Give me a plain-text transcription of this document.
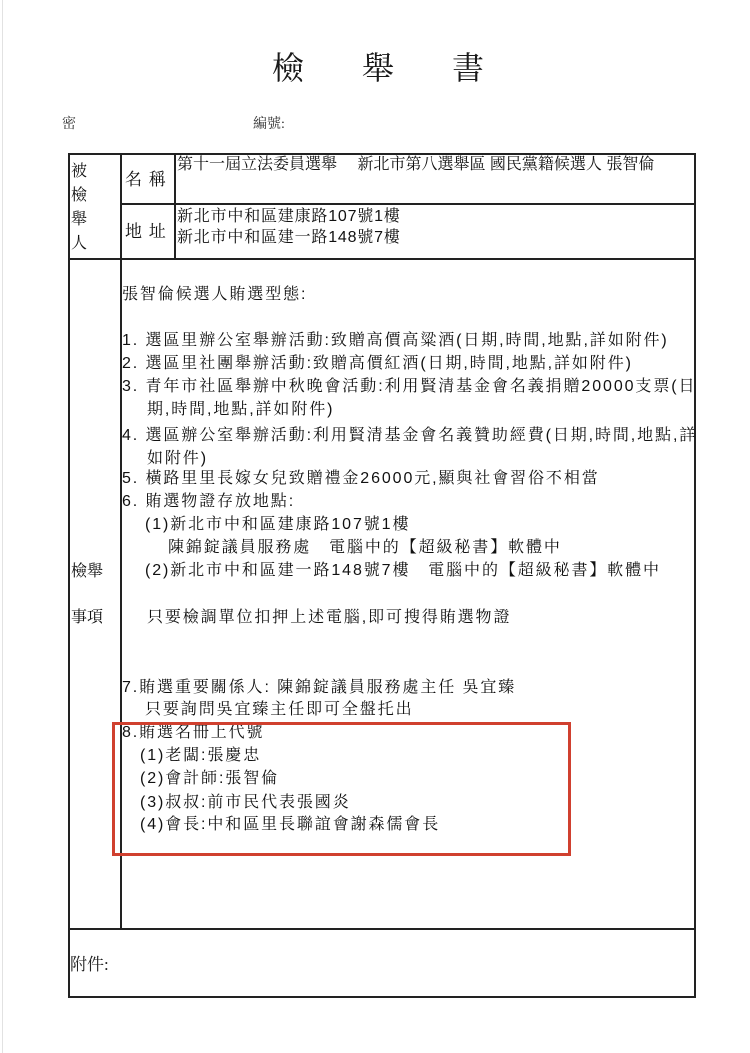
檢 舉 書
密	編號:
被
檢
舉
人
名 稱
第十一屆立法委員選舉　 新北市第八選舉區 國民黨籍候選人 張智倫
地 址
新北市中和區建康路107號1樓
新北市中和區建一路148號7樓
檢舉
事項
張智倫候選人賄選型態:
1. 選區里辦公室舉辦活動:致贈高價高粱酒(日期,時間,地點,詳如附件)
2. 選區里社團舉辦活動:致贈高價紅酒(日期,時間,地點,詳如附件)
3. 青年市社區舉辦中秋晚會活動:利用賢清基金會名義捐贈20000支票(日
期,時間,地點,詳如附件)
4. 選區辦公室舉辦活動:利用賢清基金會名義贊助經費(日期,時間,地點,詳
如附件)
5. 橫路里里長嫁女兒致贈禮金26000元,顯與社會習俗不相當
6. 賄選物證存放地點:
(1)新北市中和區建康路107號1樓
陳錦錠議員服務處　電腦中的【超級秘書】軟體中
(2)新北市中和區建一路148號7樓　電腦中的【超級秘書】軟體中
只要檢調單位扣押上述電腦,即可搜得賄選物證
7.賄選重要關係人: 陳錦錠議員服務處主任 吳宜臻
只要詢問吳宜臻主任即可全盤托出
8.賄選名冊上代號
(1)老闆:張慶忠
(2)會計師:張智倫
(3)叔叔:前市民代表張國炎
(4)會長:中和區里長聯誼會謝森儒會長
附件:
